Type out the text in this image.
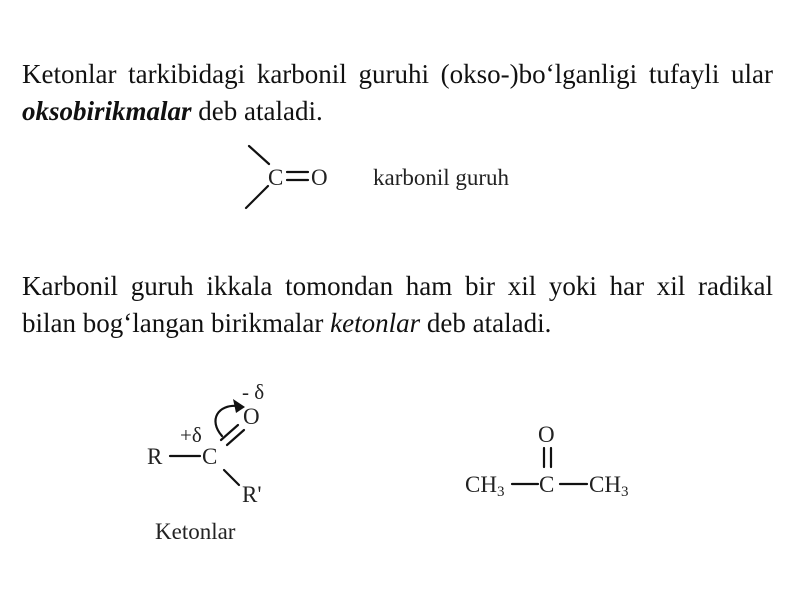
Ketonlar tarkibidagi karbonil guruhi (okso-)bo‘lganligi tufayli ular oksobirikmalar deb ataladi.

C O karbonil guruh
- δ
+δ
O
R C
R'
Ketonlar
O
CH3 C CH3

Karbonil guruh ikkala tomondan ham bir xil yoki har xil radikal bilan bog‘langan birikmalar ketonlar deb ataladi.
